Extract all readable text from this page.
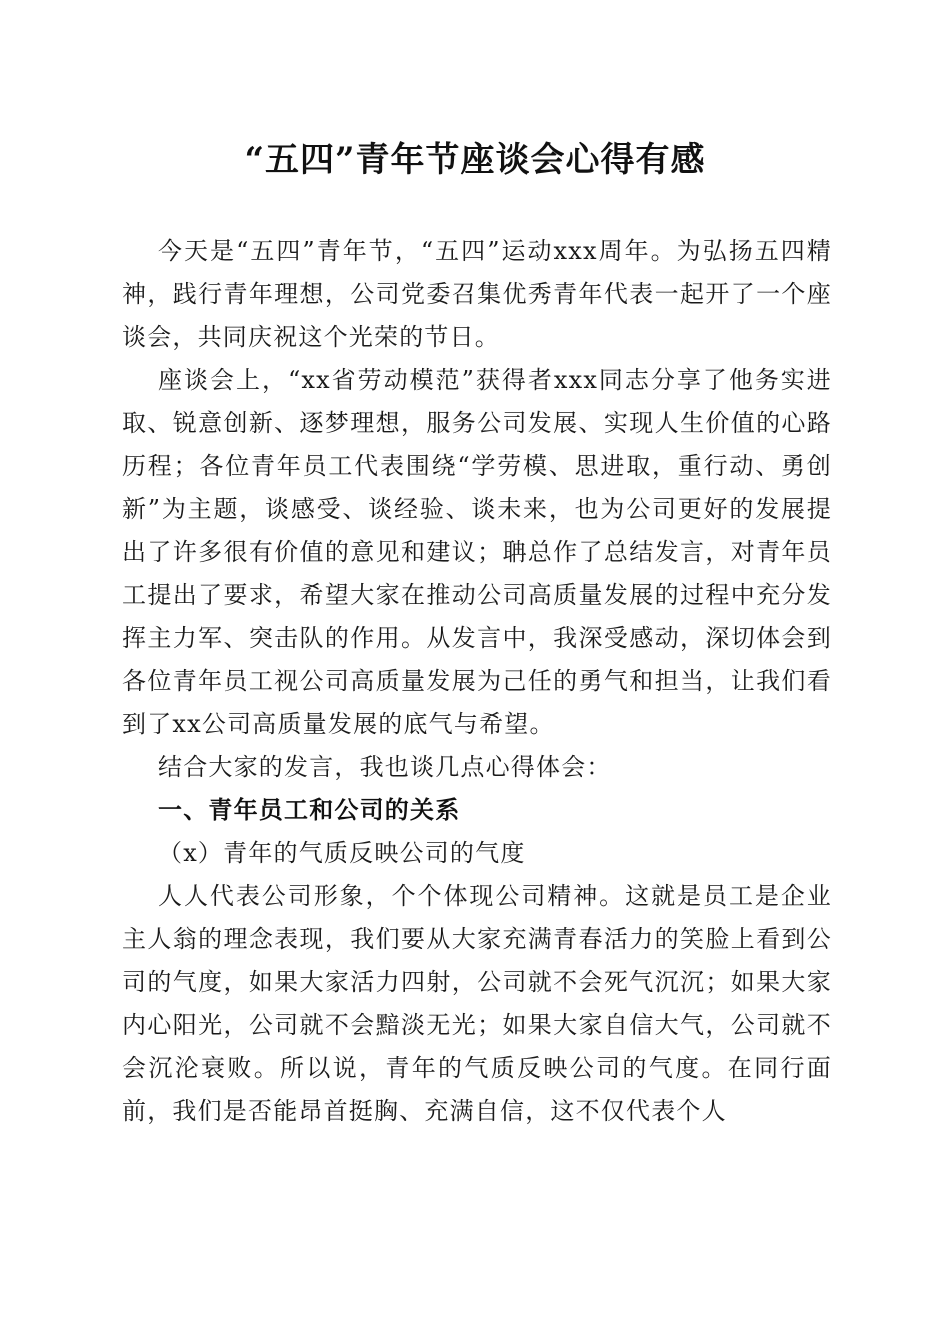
“五四”青年节座谈会心得有感

今天是“五四”青年节，“五四”运动xxx周年。为弘扬五四精神，践行青年理想，公司党委召集优秀青年代表一起开了一个座谈会，共同庆祝这个光荣的节日。

座谈会上，“xx省劳动模范”获得者xxx同志分享了他务实进取、锐意创新、逐梦理想，服务公司发展、实现人生价值的心路历程；各位青年员工代表围绕“学劳模、思进取，重行动、勇创新”为主题，谈感受、谈经验、谈未来，也为公司更好的发展提出了许多很有价值的意见和建议；聃总作了总结发言，对青年员工提出了要求，希望大家在推动公司高质量发展的过程中充分发挥主力军、突击队的作用。从发言中，我深受感动，深切体会到各位青年员工视公司高质量发展为己任的勇气和担当，让我们看到了xx公司高质量发展的底气与希望。

结合大家的发言，我也谈几点心得体会：

一、青年员工和公司的关系

（x）青年的气质反映公司的气度

人人代表公司形象，个个体现公司精神。这就是员工是企业主人翁的理念表现，我们要从大家充满青春活力的笑脸上看到公司的气度，如果大家活力四射，公司就不会死气沉沉；如果大家内心阳光，公司就不会黯淡无光；如果大家自信大气，公司就不会沉沦衰败。所以说，青年的气质反映公司的气度。在同行面前，我们是否能昂首挺胸、充满自信，这不仅代表个人
